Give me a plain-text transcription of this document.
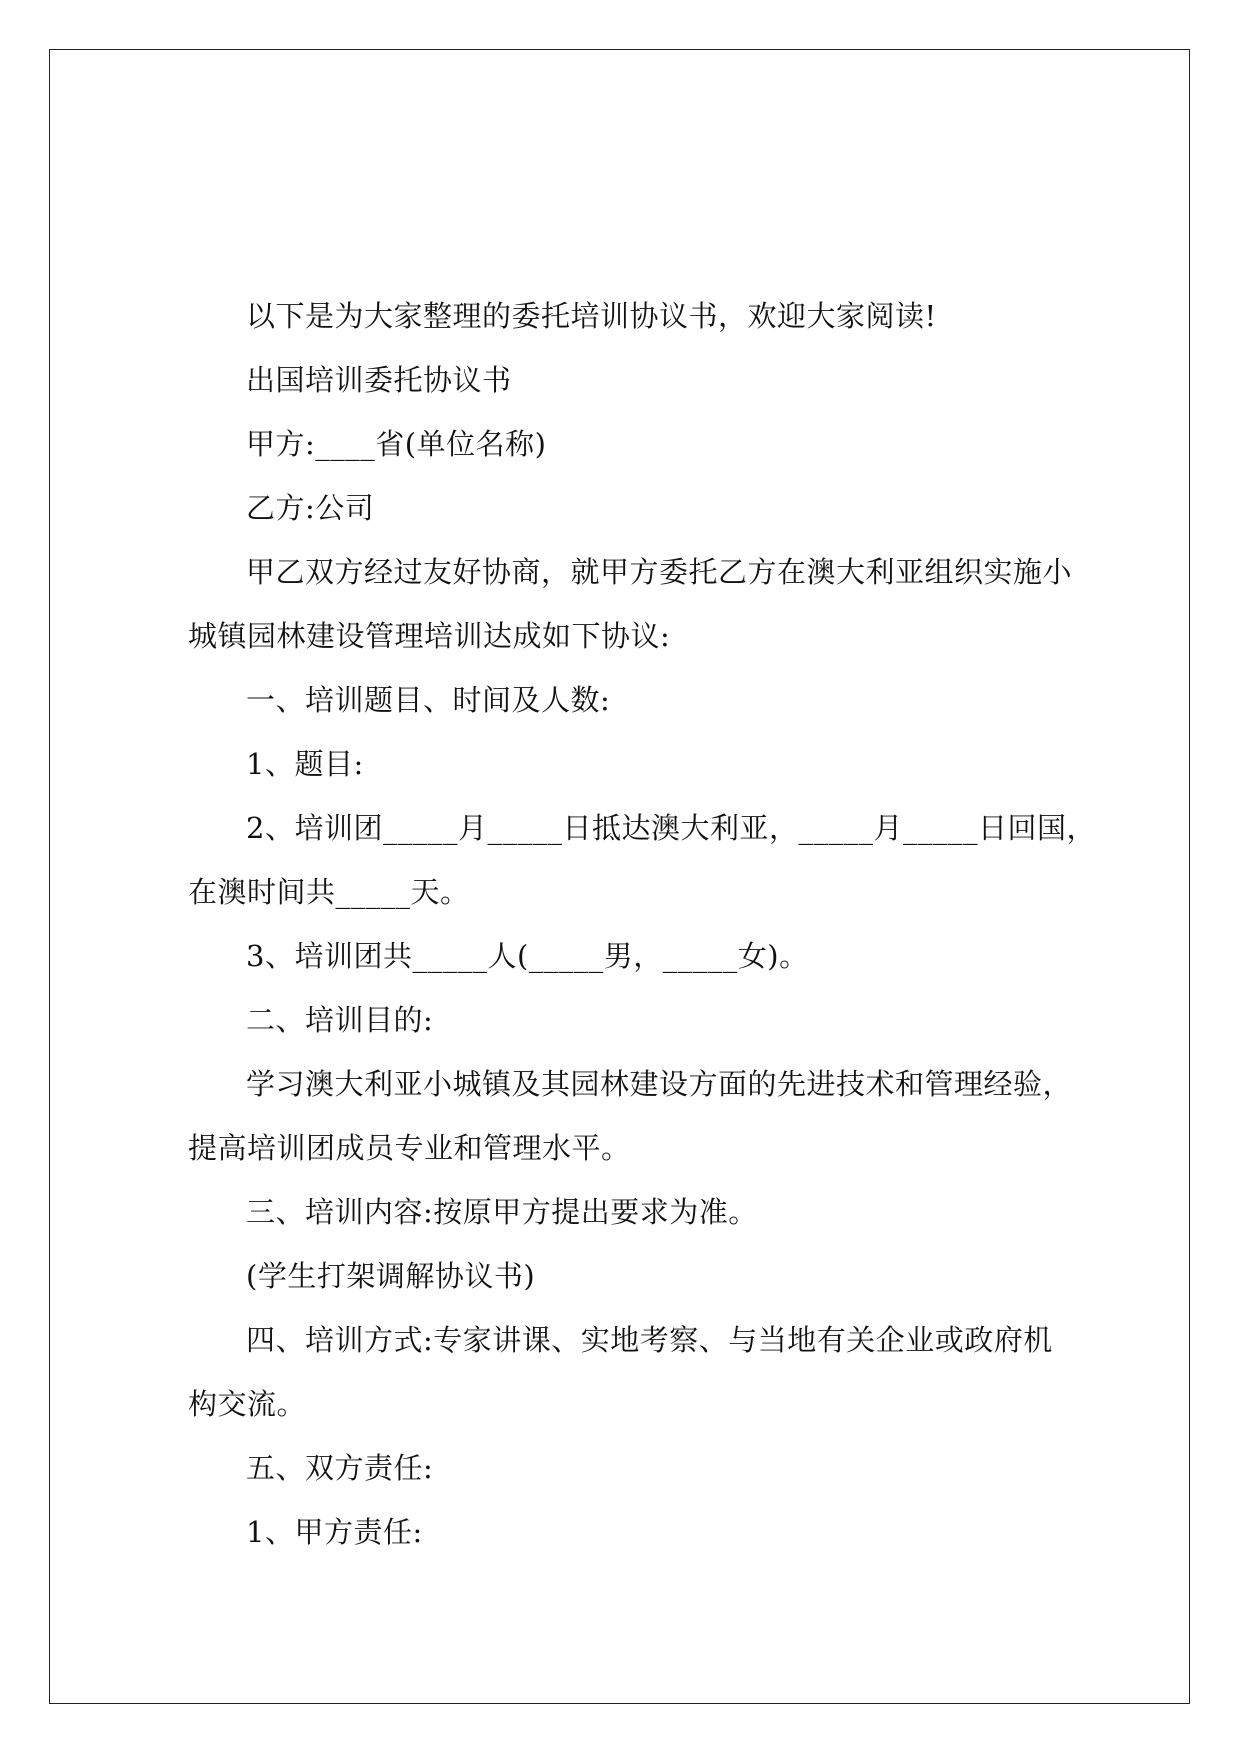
以下是为大家整理的委托培训协议书，欢迎大家阅读!
出国培训委托协议书
甲方:____省(单位名称)
乙方:公司
甲乙双方经过友好协商，就甲方委托乙方在澳大利亚组织实施小
城镇园林建设管理培训达成如下协议:
一、培训题目、时间及人数:
1、题目:
2、培训团_____月_____日抵达澳大利亚，_____月_____日回国，
在澳时间共_____天。
3、培训团共_____人(_____男，_____女)。
二、培训目的:
学习澳大利亚小城镇及其园林建设方面的先进技术和管理经验，
提高培训团成员专业和管理水平。
三、培训内容:按原甲方提出要求为准。
(学生打架调解协议书)
四、培训方式:专家讲课、实地考察、与当地有关企业或政府机
构交流。
五、双方责任:
1、甲方责任:
